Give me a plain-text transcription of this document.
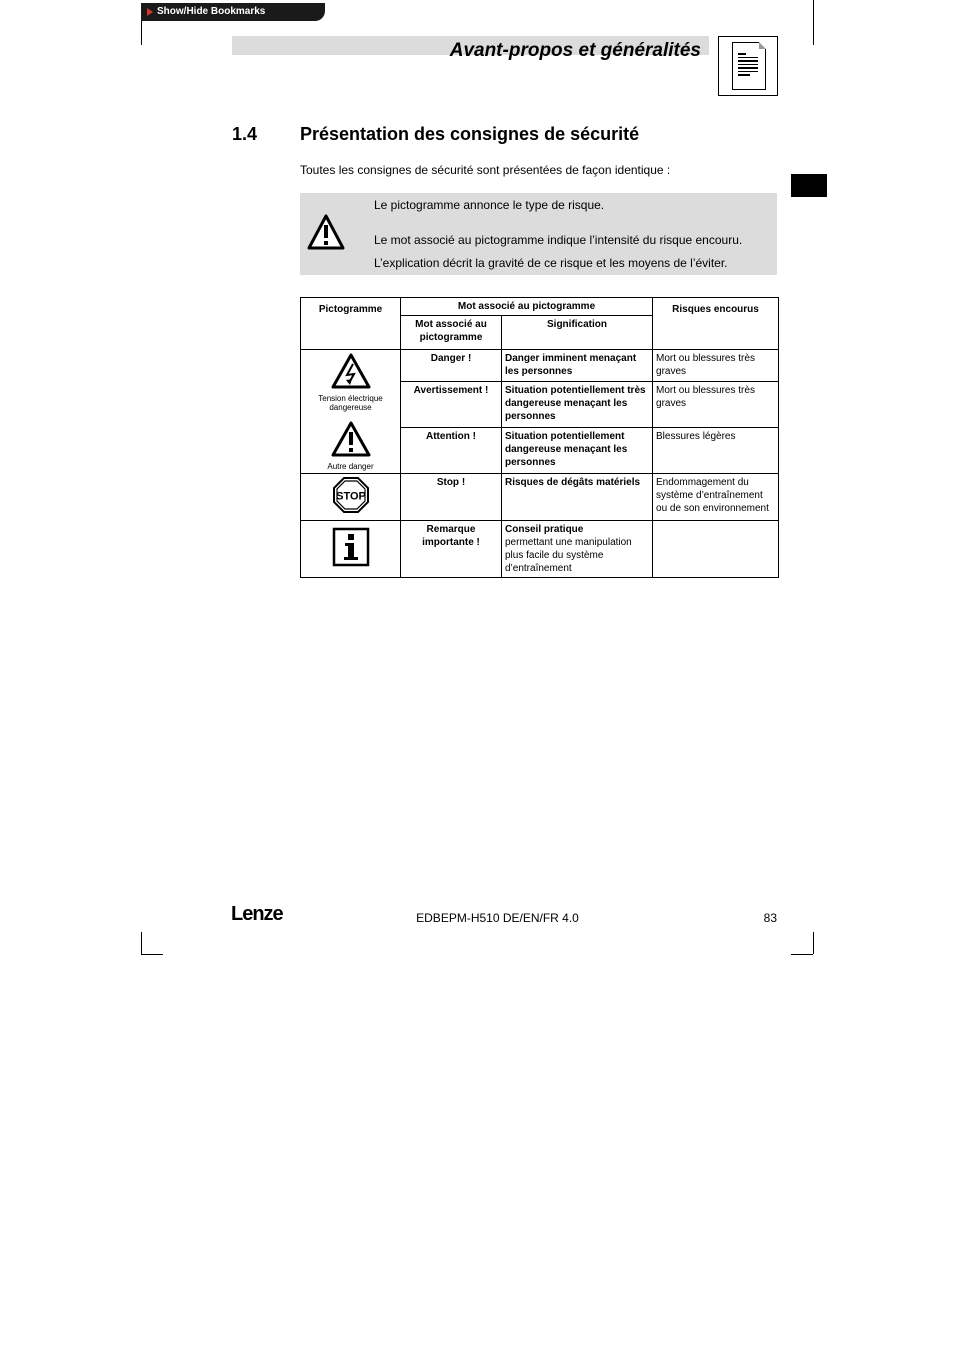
Show/Hide Bookmarks
Avant-propos et généralités
1.4 Présentation des consignes de sécurité
Toutes les consignes de sécurité sont présentées de façon identique :
Le pictogramme annonce le type de risque.
Le mot associé au pictogramme indique l’intensité du risque encouru.
L’explication décrit la gravité de ce risque et les moyens de l’éviter.
Pictogramme	Mot associé au pictogramme		Risques encourus
	Mot associé au pictogramme	Signification	

Tension électrique dangereuse
Autre danger	Danger !	Danger imminent menaçant les personnes	Mort ou blessures très graves
	Avertissement !	Situation potentiellement très dangereuse menaçant les personnes	Mort ou blessures très graves
	Attention !	Situation potentiellement dangereuse menaçant les personnes	Blessures légères

STOP	Stop !	Risques de dégâts matériels	Endommagement du système d’entraînement ou de son environnement
	Remarque importante !	Conseil pratique
permettant une manipulation plus facile du système d’entraînement	

Lenze	EDBEPM-H510 DE/EN/FR 4.0	83
